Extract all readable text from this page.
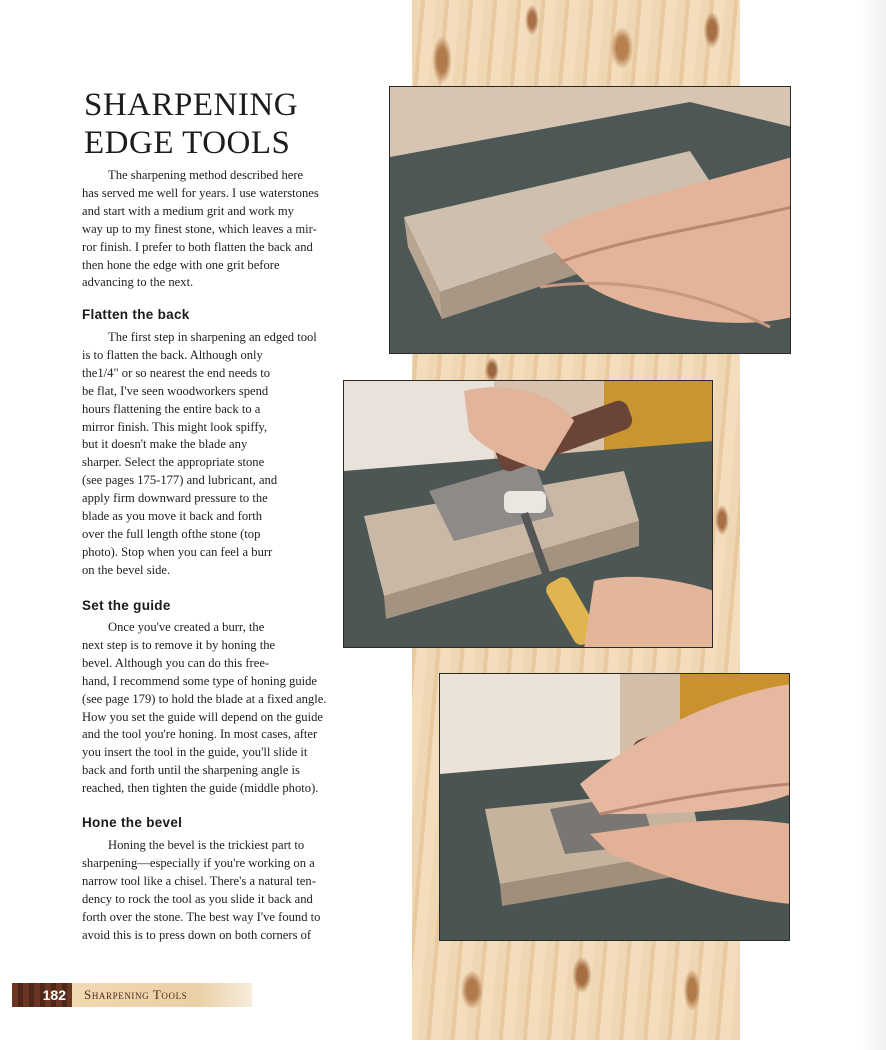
SHARPENING
EDGE TOOLS

The sharpening method described here
has served me well for years. I use waterstones
and start with a medium grit and work my
way up to my finest stone, which leaves a mir-
ror finish. I prefer to both flatten the back and
then hone the edge with one grit before
advancing to the next.

Flatten the back

The first step in sharpening an edged tool
is to flatten the back. Although only
the1/4" or so nearest the end needs to
be flat, I've seen woodworkers spend
hours flattening the entire back to a
mirror finish. This might look spiffy,
but it doesn't make the blade any
sharper. Select the appropriate stone
(see pages 175-177) and lubricant, and
apply firm downward pressure to the
blade as you move it back and forth
over the full length ofthe stone (top
photo). Stop when you can feel a burr
on the bevel side.

Set the guide

Once you've created a burr, the
next step is to remove it by honing the
bevel. Although you can do this free-
hand, I recommend some type of honing guide
(see page 179) to hold the blade at a fixed angle.
How you set the guide will depend on the guide
and the tool you're honing. In most cases, after
you insert the tool in the guide, you'll slide it
back and forth until the sharpening angle is
reached, then tighten the guide (middle photo).

Hone the bevel

Honing the bevel is the trickiest part to
sharpening—especially if you're working on a
narrow tool like a chisel. There's a natural ten-
dency to rock the tool as you slide it back and
forth over the stone. The best way I've found to
avoid this is to press down on both corners of

182	Sharpening Tools
